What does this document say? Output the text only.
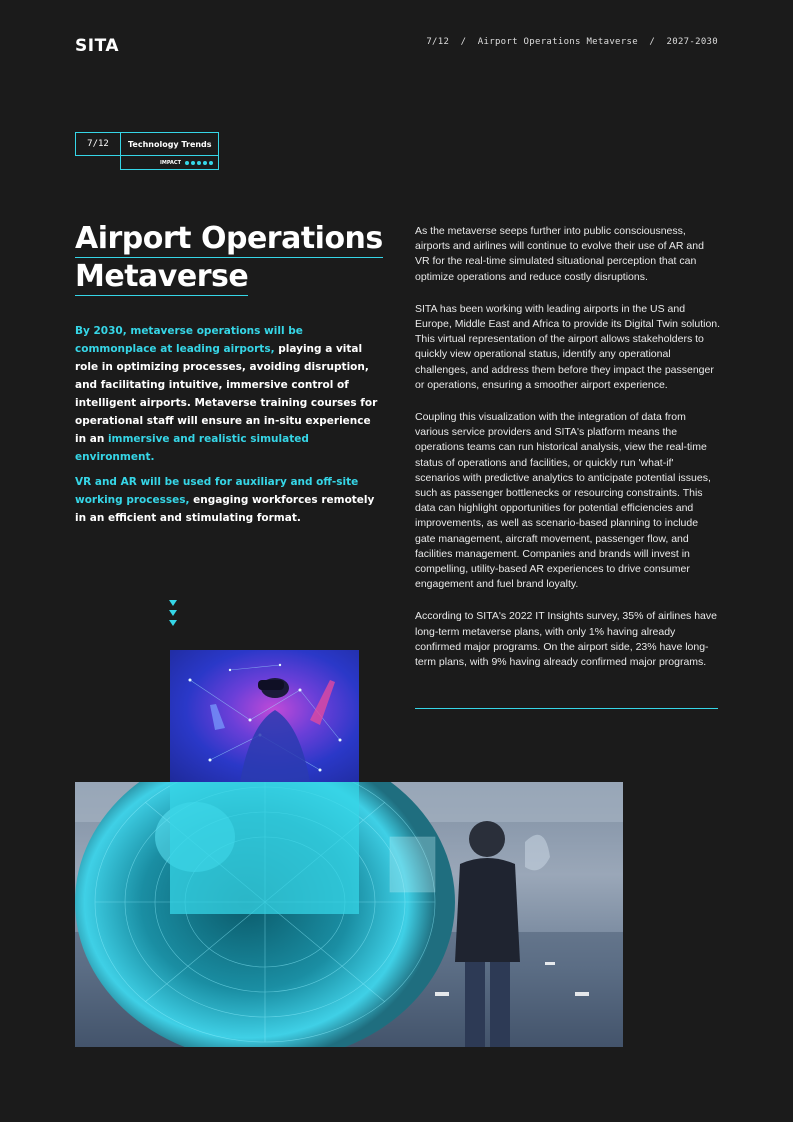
SITA	7/12  /  Airport Operations Metaverse  /  2027-2030
7/12	Technology Trends
IMPACT
Airport Operations
Metaverse

By 2030, metaverse operations will be commonplace at leading airports, playing a vital role in optimizing processes, avoiding disruption, and facilitating intuitive, immersive control of intelligent airports. Metaverse training courses for operational staff will ensure an in-situ experience in an immersive and realistic simulated environment.

VR and AR will be used for auxiliary and off-site working processes, engaging workforces remotely in an efficient and stimulating format.

As the metaverse seeps further into public consciousness, airports and airlines will continue to evolve their use of AR and VR for the real-time simulated situational perception that can optimize operations and reduce costly disruptions.

SITA has been working with leading airports in the US and Europe, Middle East and Africa to provide its Digital Twin solution. This virtual representation of the airport allows stakeholders to quickly view operational status, identify any operational challenges, and address them before they impact the passenger or operations, ensuring a smoother airport experience.

Coupling this visualization with the integration of data from various service providers and SITA's platform means the operations teams can run historical analysis, view the real-time status of operations and facilities, or quickly run 'what-if' scenarios with predictive analytics to anticipate potential issues, such as passenger bottlenecks or resourcing constraints. This data can highlight opportunities for potential efficiencies and improvements, as well as scenario-based planning to include gate management, aircraft movement, passenger flow, and facilities management. Companies and brands will invest in compelling, utility-based AR experiences to drive consumer engagement and fuel brand loyalty.

According to SITA's 2022 IT Insights survey, 35% of airlines have long-term metaverse plans, with only 1% having already confirmed major programs. On the airport side, 23% have long-term plans, with 9% having already confirmed major programs.
